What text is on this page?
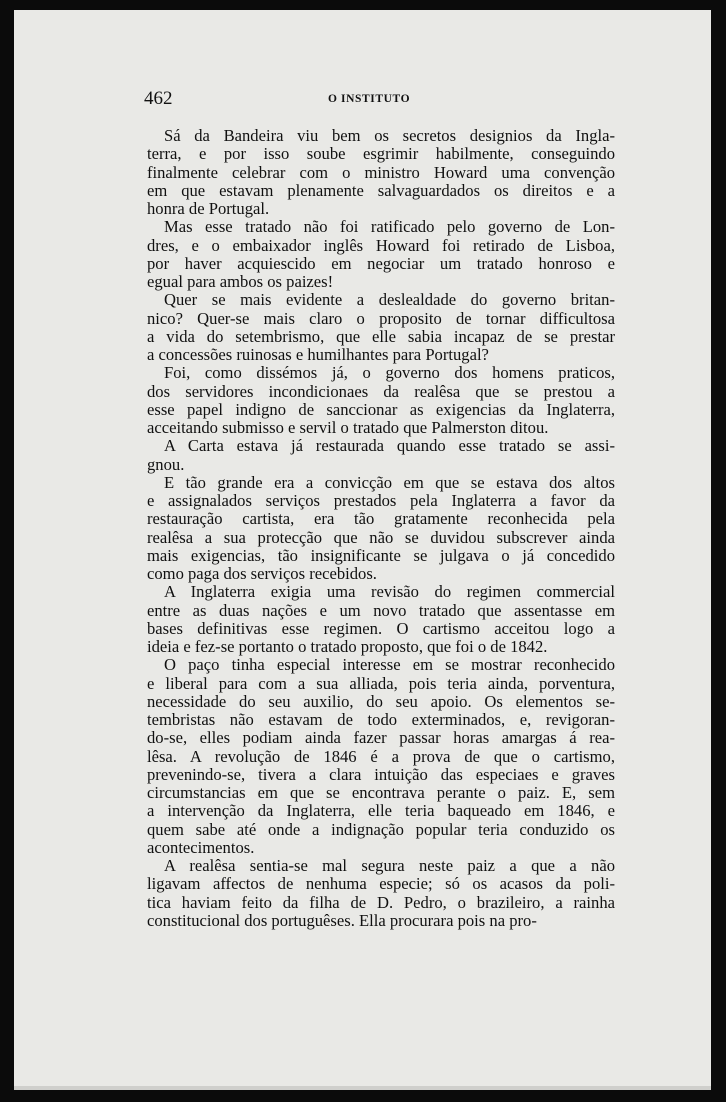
462	O INSTITUTO
Sá da Bandeira viu bem os secretos designios da Ingla-
terra, e por isso soube esgrimir habilmente, conseguindo
finalmente celebrar com o ministro Howard uma convenção
em que estavam plenamente salvaguardados os direitos e a
honra de Portugal.
Mas esse tratado não foi ratificado pelo governo de Lon-
dres, e o embaixador inglês Howard foi retirado de Lisboa,
por haver acquiescido em negociar um tratado honroso e
egual para ambos os paizes!
Quer se mais evidente a deslealdade do governo britan-
nico? Quer-se mais claro o proposito de tornar difficultosa
a vida do setembrismo, que elle sabia incapaz de se prestar
a concessões ruinosas e humilhantes para Portugal?
Foi, como dissémos já, o governo dos homens praticos,
dos servidores incondicionaes da realêsa que se prestou a
esse papel indigno de sanccionar as exigencias da Inglaterra,
acceitando submisso e servil o tratado que Palmerston ditou.
A Carta estava já restaurada quando esse tratado se assi-
gnou.
E tão grande era a convicção em que se estava dos altos
e assignalados serviços prestados pela Inglaterra a favor da
restauração cartista, era tão gratamente reconhecida pela
realêsa a sua protecção que não se duvidou subscrever ainda
mais exigencias, tão insignificante se julgava o já concedido
como paga dos serviços recebidos.
A Inglaterra exigia uma revisão do regimen commercial
entre as duas nações e um novo tratado que assentasse em
bases definitivas esse regimen. O cartismo acceitou logo a
ideia e fez-se portanto o tratado proposto, que foi o de 1842.
O paço tinha especial interesse em se mostrar reconhecido
e liberal para com a sua alliada, pois teria ainda, porventura,
necessidade do seu auxilio, do seu apoio. Os elementos se-
tembristas não estavam de todo exterminados, e, revigoran-
do-se, elles podiam ainda fazer passar horas amargas á rea-
lêsa. A revolução de 1846 é a prova de que o cartismo,
prevenindo-se, tivera a clara intuição das especiaes e graves
circumstancias em que se encontrava perante o paiz. E, sem
a intervenção da Inglaterra, elle teria baqueado em 1846, e
quem sabe até onde a indignação popular teria conduzido os
acontecimentos.
A realêsa sentia-se mal segura neste paiz a que a não
ligavam affectos de nenhuma especie; só os acasos da poli-
tica haviam feito da filha de D. Pedro, o brazileiro, a rainha
constitucional dos portuguêses. Ella procurara pois na pro-
